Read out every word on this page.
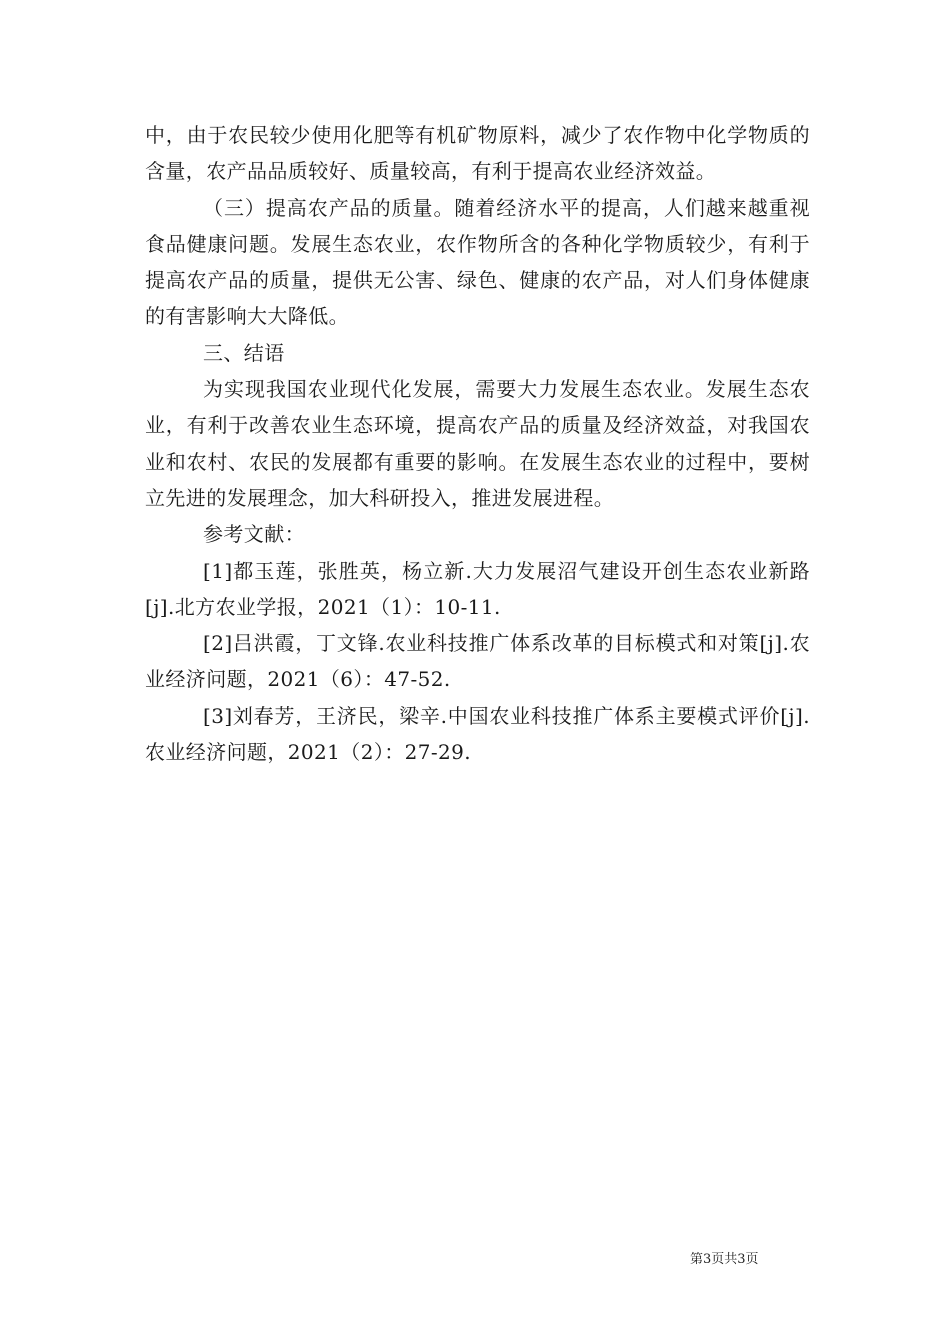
中，由于农民较少使用化肥等有机矿物原料，减少了农作物中化学物质的含量，农产品品质较好、质量较高，有利于提高农业经济效益。

（三）提高农产品的质量。随着经济水平的提高，人们越来越重视食品健康问题。发展生态农业，农作物所含的各种化学物质较少，有利于提高农产品的质量，提供无公害、绿色、健康的农产品，对人们身体健康的有害影响大大降低。

三、结语

为实现我国农业现代化发展，需要大力发展生态农业。发展生态农业，有利于改善农业生态环境，提高农产品的质量及经济效益，对我国农业和农村、农民的发展都有重要的影响。在发展生态农业的过程中，要树立先进的发展理念，加大科研投入，推进发展进程。

参考文献：

[1]都玉莲，张胜英，杨立新.大力发展沼气建设开创生态农业新路[j].北方农业学报，2021（1）：10-11.

[2]吕洪霞，丁文锋.农业科技推广体系改革的目标模式和对策[j].农业经济问题，2021（6）：47-52.

[3]刘春芳，王济民，梁辛.中国农业科技推广体系主要模式评价[j].农业经济问题，2021（2）：27-29.

第3页共3页
